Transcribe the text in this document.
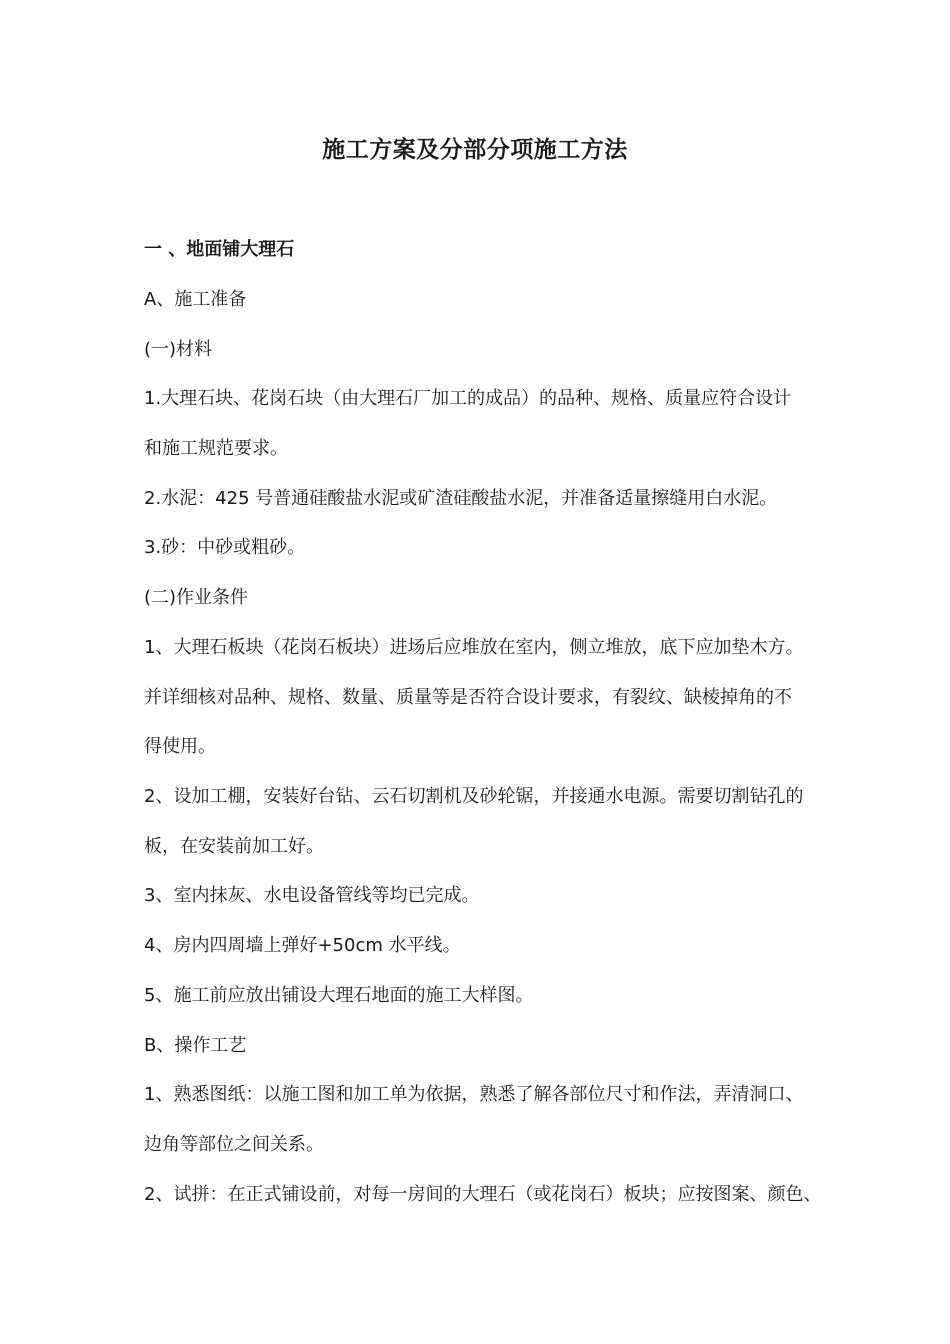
施工方案及分部分项施工方法
一 、地面铺大理石
A、施工准备
(一)材料
1.大理石块、花岗石块（由大理石厂加工的成品）的品种、规格、质量应符合设计
和施工规范要求。
2.水泥：425 号普通硅酸盐水泥或矿渣硅酸盐水泥，并准备适量擦缝用白水泥。
3.砂：中砂或粗砂。
(二)作业条件
1、大理石板块（花岗石板块）进场后应堆放在室内，侧立堆放，底下应加垫木方。
并详细核对品种、规格、数量、质量等是否符合设计要求，有裂纹、缺棱掉角的不
得使用。
2、设加工棚，安装好台钻、云石切割机及砂轮锯，并接通水电源。需要切割钻孔的
板，在安装前加工好。
3、室内抹灰、水电设备管线等均已完成。
4、房内四周墙上弹好+50cm 水平线。
5、施工前应放出铺设大理石地面的施工大样图。
B、操作工艺
1、熟悉图纸：以施工图和加工单为依据，熟悉了解各部位尺寸和作法，弄清洞口、
边角等部位之间关系。
2、试拼：在正式铺设前，对每一房间的大理石（或花岗石）板块；应按图案、颜色、
